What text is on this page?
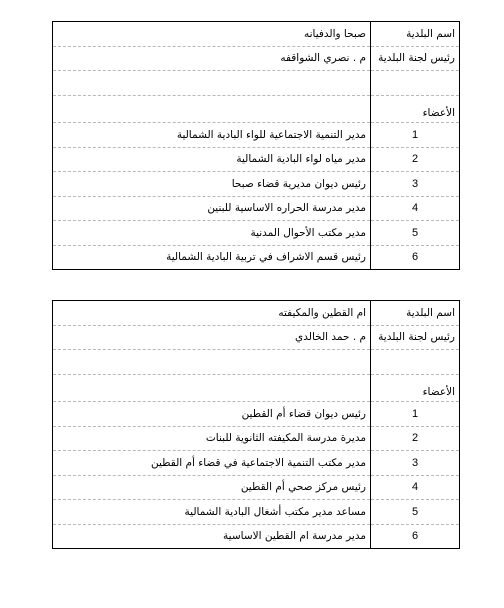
اسم البلدية	صبحا والدفيانه
رئيس لجنة البلدية	م . نصري الشواقفه

الأعضاء	
1	مدير التنمية الاجتماعية للواء البادية الشمالية
2	مدير مياه لواء البادية الشمالية
3	رئيس ديوان مديرية قضاء صبحا
4	مدير مدرسة الحراره الاساسية للبنين
5	مدير مكتب الأحوال المدنية
6	رئيس قسم الاشراف في تربية البادية الشمالية
اسم البلدية	ام القطين والمكيفته
رئيس لجنة البلدية	م . حمد الخالدي

الأعضاء	
1	رئيس ديوان قضاء أم القطين
2	مديرة مدرسة المكيفته الثانوية للبنات
3	مدير مكتب التنمية الاجتماعية في قضاء أم القطين
4	رئيس مركز صحي أم القطين
5	مساعد مدير مكتب أشغال البادية الشمالية
6	مدير مدرسة ام القطين الاساسية
